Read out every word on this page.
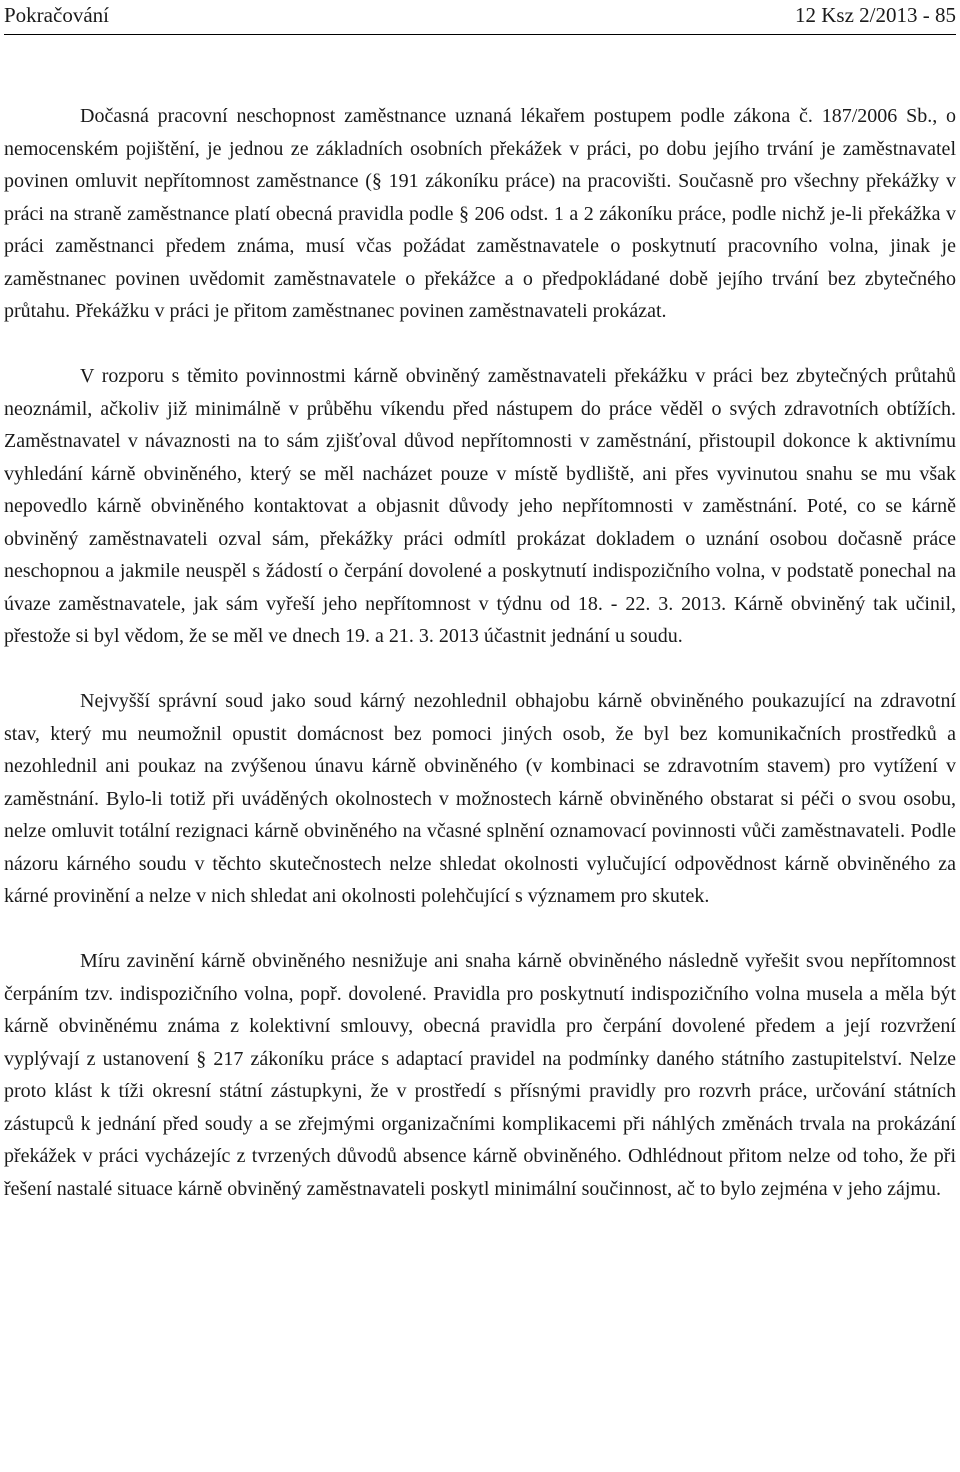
Pokračování	12 Ksz 2/2013 - 85

Dočasná pracovní neschopnost zaměstnance uznaná lékařem postupem podle zákona č. 187/2006 Sb., o nemocenském pojištění, je jednou ze základních osobních překážek v práci, po dobu jejího trvání je zaměstnavatel povinen omluvit nepřítomnost zaměstnance (§ 191 zákoníku práce) na pracovišti. Současně pro všechny překážky v práci na straně zaměstnance platí obecná pravidla podle § 206 odst. 1 a 2 zákoníku práce, podle nichž je-li překážka v práci zaměstnanci předem známa, musí včas požádat zaměstnavatele o poskytnutí pracovního volna, jinak je zaměstnanec povinen uvědomit zaměstnavatele o překážce a o předpokládané době jejího trvání bez zbytečného průtahu. Překážku v práci je přitom zaměstnanec povinen zaměstnavateli prokázat.

V rozporu s těmito povinnostmi kárně obviněný zaměstnavateli překážku v práci bez zbytečných průtahů neoznámil, ačkoliv již minimálně v průběhu víkendu před nástupem do práce věděl o svých zdravotních obtížích. Zaměstnavatel v návaznosti na to sám zjišťoval důvod nepřítomnosti v zaměstnání, přistoupil dokonce k aktivnímu vyhledání kárně obviněného, který se měl nacházet pouze v místě bydliště, ani přes vyvinutou snahu se mu však nepovedlo kárně obviněného kontaktovat a objasnit důvody jeho nepřítomnosti v zaměstnání. Poté, co se kárně obviněný zaměstnavateli ozval sám, překážky práci odmítl prokázat dokladem o uznání osobou dočasně práce neschopnou a jakmile neuspěl s žádostí o čerpání dovolené a poskytnutí indispozičního volna, v podstatě ponechal na úvaze zaměstnavatele, jak sám vyřeší jeho nepřítomnost v týdnu od 18. - 22. 3. 2013. Kárně obviněný tak učinil, přestože si byl vědom, že se měl ve dnech 19. a 21. 3. 2013 účastnit jednání u soudu.

Nejvyšší správní soud jako soud kárný nezohlednil obhajobu kárně obviněného poukazující na zdravotní stav, který mu neumožnil opustit domácnost bez pomoci jiných osob, že byl bez komunikačních prostředků a nezohlednil ani poukaz na zvýšenou únavu kárně obviněného (v kombinaci se zdravotním stavem) pro vytížení v zaměstnání. Bylo-li totiž při uváděných okolnostech v možnostech kárně obviněného obstarat si péči o svou osobu, nelze omluvit totální rezignaci kárně obviněného na včasné splnění oznamovací povinnosti vůči zaměstnavateli. Podle názoru kárného soudu v těchto skutečnostech nelze shledat okolnosti vylučující odpovědnost kárně obviněného za kárné provinění a nelze v nich shledat ani okolnosti polehčující s významem pro skutek.

Míru zavinění kárně obviněného nesnižuje ani snaha kárně obviněného následně vyřešit svou nepřítomnost čerpáním tzv. indispozičního volna, popř. dovolené. Pravidla pro poskytnutí indispozičního volna musela a měla být kárně obviněnému známa z kolektivní smlouvy, obecná pravidla pro čerpání dovolené předem a její rozvržení vyplývají z ustanovení § 217 zákoníku práce s adaptací pravidel na podmínky daného státního zastupitelství. Nelze proto klást k tíži okresní státní zástupkyni, že v prostředí s přísnými pravidly pro rozvrh práce, určování státních zástupců k jednání před soudy a se zřejmými organizačními komplikacemi při náhlých změnách trvala na prokázání překážek v práci vycházejíc z tvrzených důvodů absence kárně obviněného. Odhlédnout přitom nelze od toho, že při řešení nastalé situace kárně obviněný zaměstnavateli poskytl minimální součinnost, ač to bylo zejména v jeho zájmu.
